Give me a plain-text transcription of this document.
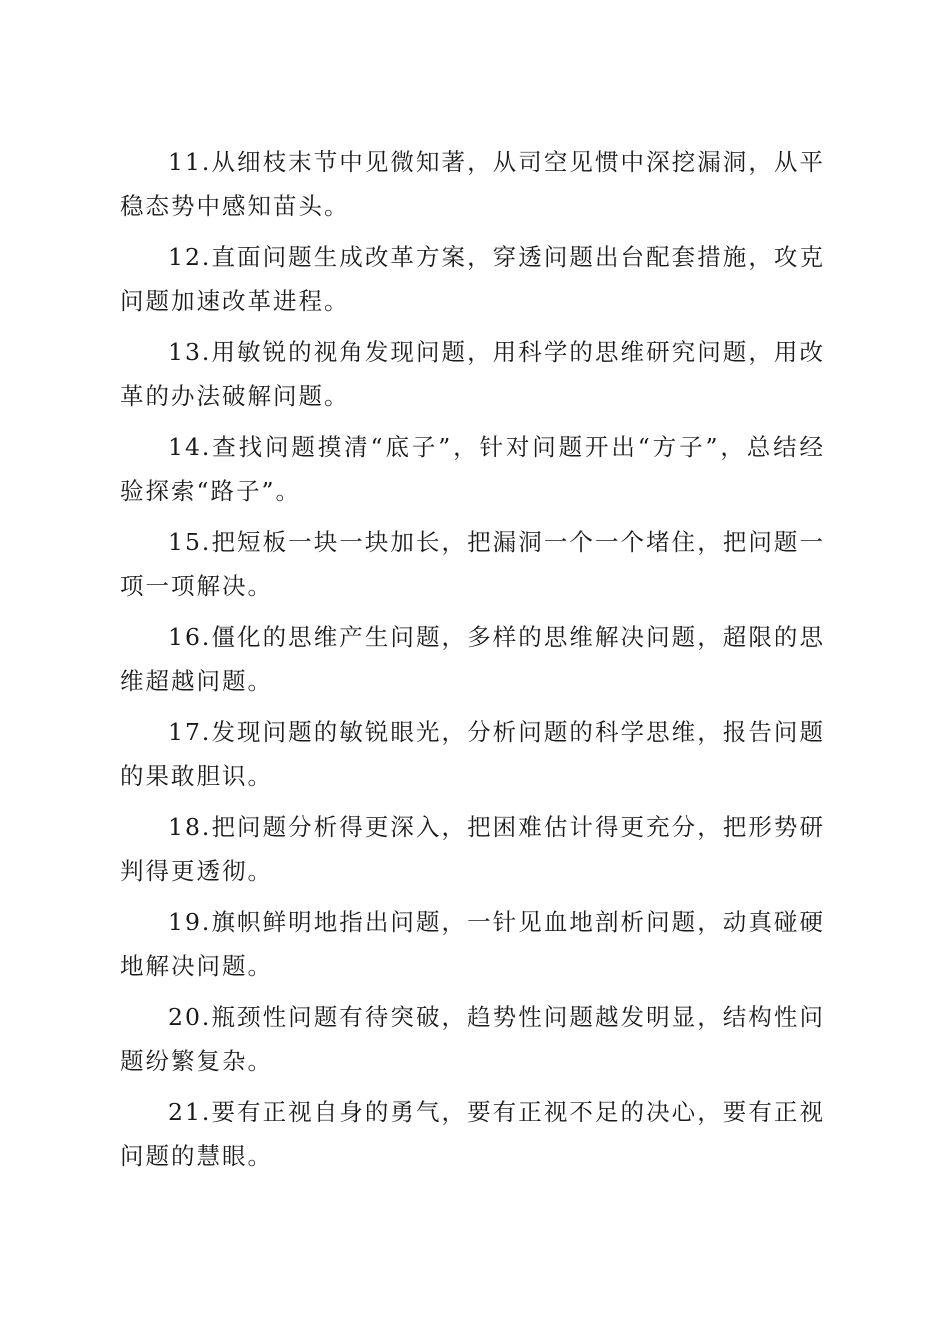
11.从细枝末节中见微知著，从司空见惯中深挖漏洞，从平稳态势中感知苗头。

12.直面问题生成改革方案，穿透问题出台配套措施，攻克问题加速改革进程。

13.用敏锐的视角发现问题，用科学的思维研究问题，用改革的办法破解问题。

14.查找问题摸清“底子”，针对问题开出“方子”，总结经验探索“路子”。

15.把短板一块一块加长，把漏洞一个一个堵住，把问题一项一项解决。

16.僵化的思维产生问题，多样的思维解决问题，超限的思维超越问题。

17.发现问题的敏锐眼光，分析问题的科学思维，报告问题的果敢胆识。

18.把问题分析得更深入，把困难估计得更充分，把形势研判得更透彻。

19.旗帜鲜明地指出问题，一针见血地剖析问题，动真碰硬地解决问题。

20.瓶颈性问题有待突破，趋势性问题越发明显，结构性问题纷繁复杂。

21.要有正视自身的勇气，要有正视不足的决心，要有正视问题的慧眼。
